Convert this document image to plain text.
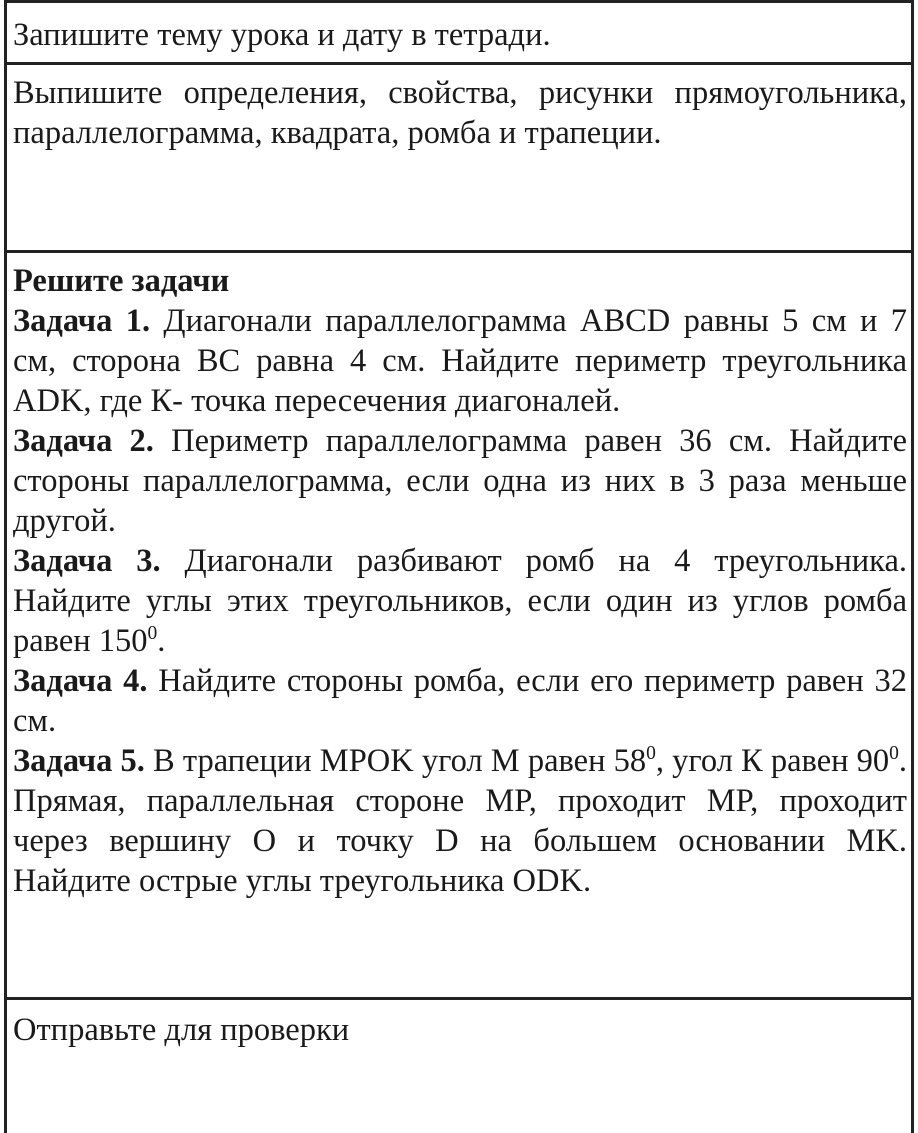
Запишите тему урока и дату в тетради.

Выпишите определения, свойства, рисунки прямоугольника, параллелограмма, квадрата, ромба и трапеции.

Решите задачи

Задача 1. Диагонали параллелограмма ABCD равны 5 см и 7 см, сторона BC равна 4 см. Найдите периметр треугольника ADK, где К- точка пересечения диагоналей.

Задача 2. Периметр параллелограмма равен 36 см. Найдите стороны параллелограмма, если одна из них в 3 раза меньше другой.

Задача 3. Диагонали разбивают ромб на 4 треугольника. Найдите углы этих треугольников, если один из углов ромба равен $150^0$.

Задача 4. Найдите стороны ромба, если его периметр равен 32 см.

Задача 5. В трапеции MPOK угол M равен $58^0$, угол К равен $90^0$. Прямая, параллельная стороне MP, проходит MP, проходит через вершину O и точку D на большем основании MK. Найдите острые углы треугольника ODK.

Отправьте для проверки
